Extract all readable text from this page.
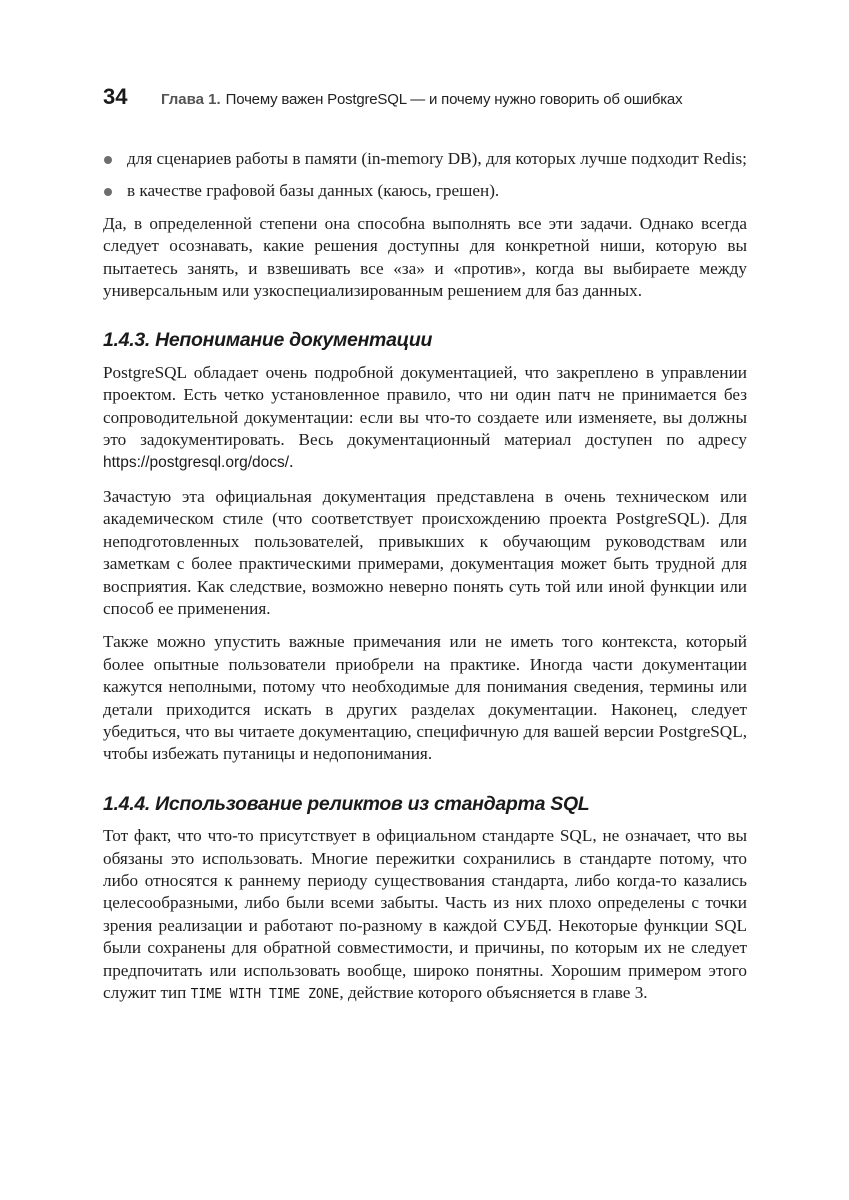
34	Глава 1. Почему важен PostgreSQL — и почему нужно говорить об ошибках
для сценариев работы в памяти (in-memory DB), для которых лучше подходит Redis;
в качестве графовой базы данных (каюсь, грешен).

Да, в определенной степени она способна выполнять все эти задачи. Однако всегда следует осознавать, какие решения доступны для конкретной ниши, которую вы пытаетесь занять, и взвешивать все «за» и «против», когда вы выбираете между универсальным или узкоспециализированным решением для баз данных.

1.4.3. Непонимание документации

PostgreSQL обладает очень подробной документацией, что закреплено в управлении проектом. Есть четко установленное правило, что ни один патч не принимается без сопроводительной документации: если вы что-то создаете или изменяете, вы должны это задокументировать. Весь документационный материал доступен по адресу https://postgresql.org/docs/.

Зачастую эта официальная документация представлена в очень техническом или академическом стиле (что соответствует происхождению проекта PostgreSQL). Для неподготовленных пользователей, привыкших к обучающим руководствам или заметкам с более практическими примерами, документация может быть трудной для восприятия. Как следствие, возможно неверно понять суть той или иной функции или способ ее применения.

Также можно упустить важные примечания или не иметь того контекста, который более опытные пользователи приобрели на практике. Иногда части документации кажутся неполными, потому что необходимые для понимания сведения, термины или детали приходится искать в других разделах документации. Наконец, следует убедиться, что вы читаете документацию, специфичную для вашей версии PostgreSQL, чтобы избежать путаницы и недопонимания.

1.4.4. Использование реликтов из стандарта SQL

Тот факт, что что-то присутствует в официальном стандарте SQL, не означает, что вы обязаны это использовать. Многие пережитки сохранились в стандарте потому, что либо относятся к раннему периоду существования стандарта, либо когда-то казались целесообразными, либо были всеми забыты. Часть из них плохо определены с точки зрения реализации и работают по-разному в каждой СУБД. Некоторые функции SQL были сохранены для обратной совместимости, и причины, по которым их не следует предпочитать или использовать вообще, широко понятны. Хорошим примером этого служит тип TIME WITH TIME ZONE, действие которого объясняется в главе 3.
